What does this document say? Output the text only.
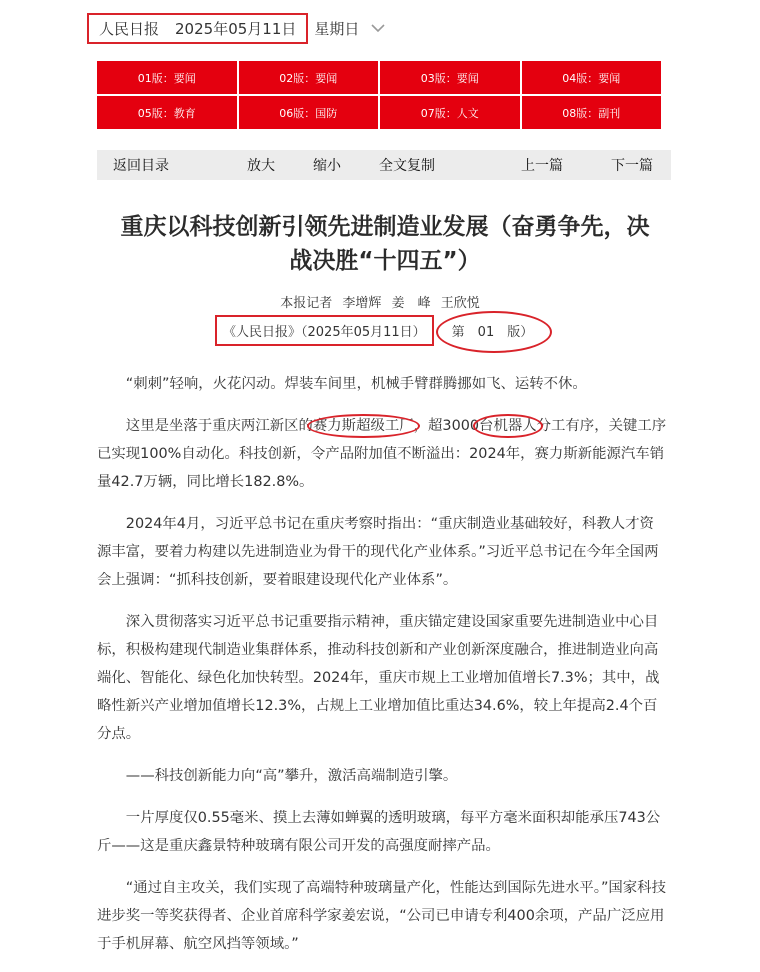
人民日报 2025年05月11日 星期日
01版：要闻	02版：要闻	03版：要闻	04版：要闻
05版：教育	06版：国防	07版：人文	08版：副刊
返回目录	放大	缩小	全文复制	上一篇	下一篇
重庆以科技创新引领先进制造业发展（奋勇争先，决
战决胜“十四五”）
本报记者 李增辉 姜　峰 王欣悦
《人民日报》（2025年05月11日）	第　01　版）

“刺刺”轻响，火花闪动。焊装车间里，机械手臂群腾挪如飞、运转不休。

这里是坐落于重庆两江新区的
赛力斯超级工厂，超3000
台机器人分工有序，关键工序已实现100%自动化。科技创新，令产品附加值不断溢出：2024年，赛力斯新能源汽车销量42.7万辆，同比增长182.8%。

2024年4月，习近平总书记在重庆考察时指出：“重庆制造业基础较好，科教人才资源丰富，要着力构建以先进制造业为骨干的现代化产业体系。”习近平总书记在今年全国两会上强调：“抓科技创新，要着眼建设现代化产业体系”。

深入贯彻落实习近平总书记重要指示精神，重庆锚定建设国家重要先进制造业中心目标，积极构建现代制造业集群体系，推动科技创新和产业创新深度融合，推进制造业向高端化、智能化、绿色化加快转型。2024年，重庆市规上工业增加值增长7.3%；其中，战略性新兴产业增加值增长12.3%，占规上工业增加值比重达34.6%，较上年提高2.4个百分点。

——科技创新能力向“高”攀升，激活高端制造引擎。

一片厚度仅0.55毫米、摸上去薄如蝉翼的透明玻璃，每平方毫米面积却能承压743公斤——这是重庆鑫景特种玻璃有限公司开发的高强度耐摔产品。

“通过自主攻关，我们实现了高端特种玻璃量产化，性能达到国际先进水平。”国家科技进步奖一等奖获得者、企业首席科学家姜宏说，“公司已申请专利400余项，产品广泛应用于手机屏幕、航空风挡等领域。”
